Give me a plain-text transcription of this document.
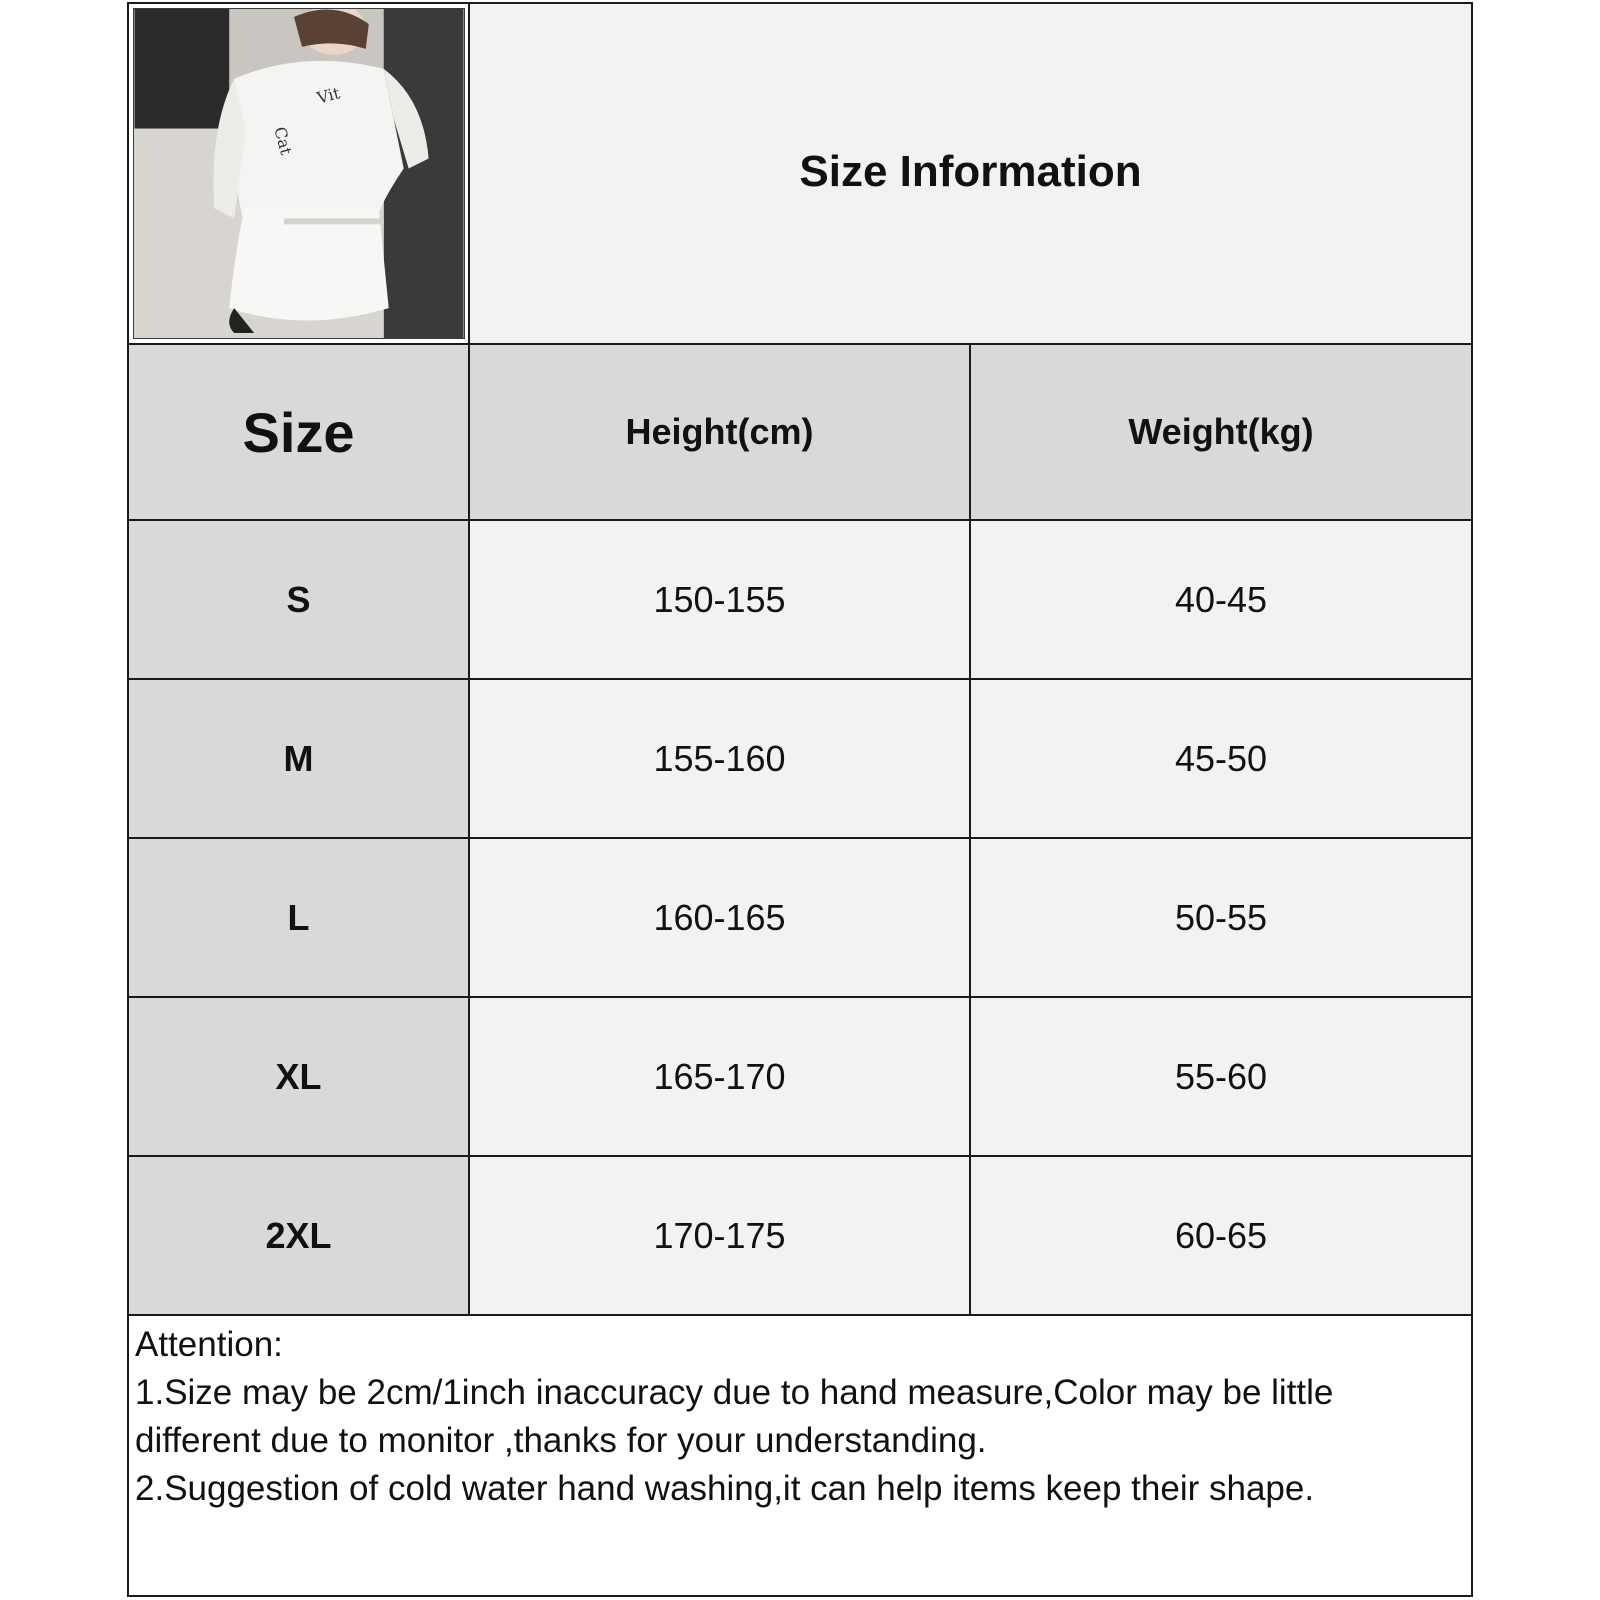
Vit
Cat
Size Information
Size	Height(cm)	Weight(kg)
S	150-155	40-45
M	155-160	45-50
L	160-165	50-55
XL	165-170	55-60
2XL	170-175	60-65

Attention:

1.Size may be 2cm/1inch inaccuracy due to hand measure,Color may be little different due to monitor ,thanks for your understanding.

2.Suggestion of cold water hand washing,it can help items keep their shape.
